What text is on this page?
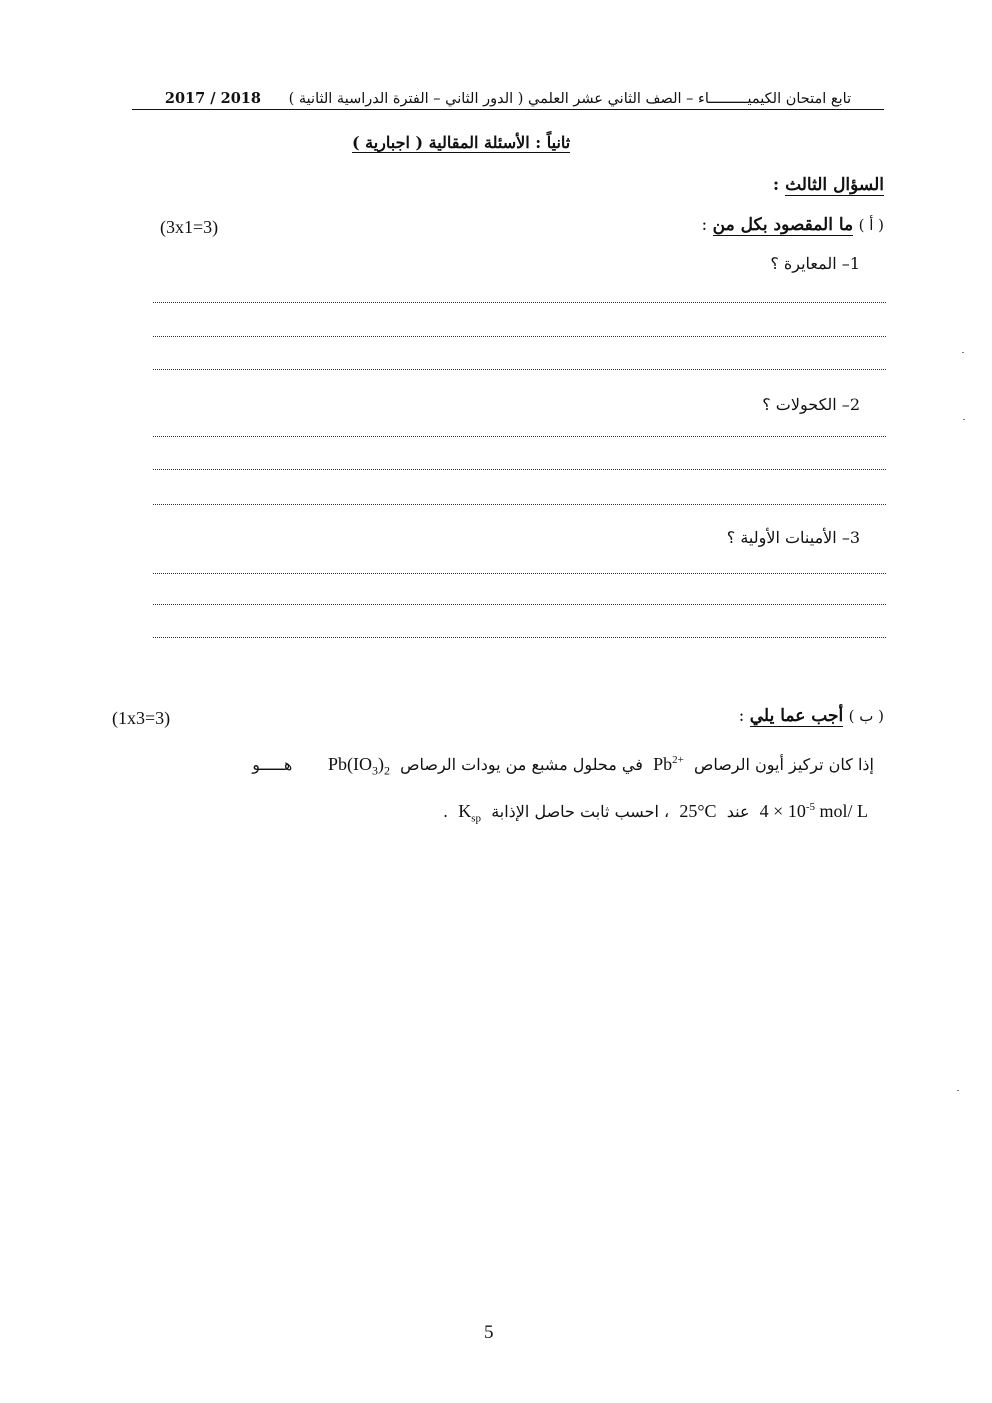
تابع امتحان الكيميـــــــــاء – الصف الثاني عشر العلمي ( الدور الثاني – الفترة الدراسية الثانية )      2017 / 2018
ثانياً : الأسئلة المقالية ( اجبارية )
السؤال الثالث :
(3x1=3)	( أ ) ما المقصود بكل من :
1– المعايرة ؟
2– الكحولات ؟
3– الأمينات الأولية ؟
(1x3=3)	( ب ) أجب عما يلي :
إذا كان تركيز أيون الرصاص  $Pb^{2+}$  في محلول مشبع من يودات الرصاص  $Pb(IO_3)_2$       هـــــو
$4 \times 10^{-5}$ mol/ L  عند  25°C  ، احسب ثابت حاصل الإذابة  $K_{sp}$  .
5
